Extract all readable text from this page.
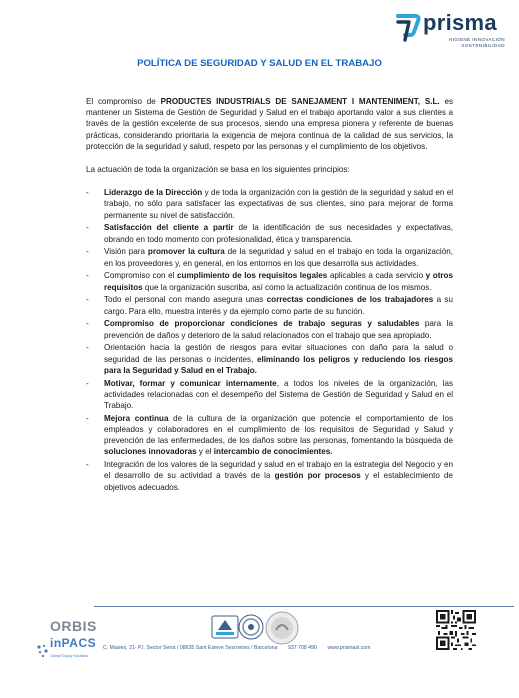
prisma
HIGIENE INNOVACIÓN
SOSTENIBILIDAD
POLÍTICA DE SEGURIDAD Y SALUD EN EL TRABAJO

El compromiso de PRODUCTES INDUSTRIALS DE SANEJAMENT I MANTENIMENT, S.L. es mantener un Sistema de Gestión de Seguridad y Salud en el trabajo aportando valor a sus clientes a través de la gestión excelente de sus procesos, siendo una empresa pionera y referente de buenas prácticas, considerando prioritaria la exigencia de mejora continua de la calidad de sus servicios, la protección de la seguridad y salud, respeto por las personas y el cumplimiento de los objetivos.

La actuación de toda la organización se basa en los siguientes principios:

- Liderazgo de la Dirección y de toda la organización con la gestión de la seguridad y salud en el trabajo, no sólo para satisfacer las expectativas de sus clientes, sino para mejorar de forma permanente su nivel de satisfacción.
- Satisfacción del cliente a partir de la identificación de sus necesidades y expectativas, obrando en todo momento con profesionalidad, ética y transparencia.
- Visión para promover la cultura de la seguridad y salud en el trabajo en toda la organización, en los proveedores y, en general, en los entornos en los que desarrolla sus actividades.
- Compromiso con el cumplimiento de los requisitos legales aplicables a cada servicio y otros requisitos que la organización suscriba, así como la actualización continua de los mismos.
- Todo el personal con mando asegura unas correctas condiciones de los trabajadores a su cargo. Para ello, muestra interés y da ejemplo como parte de su función.
- Compromiso de proporcionar condiciones de trabajo seguras y saludables para la prevención de daños y deterioro de la salud relacionados con el trabajo que sea apropiado.
- Orientación hacia la gestión de riesgos para evitar situaciones con daño para la salud o seguridad de las personas o incidentes, eliminando los peligros y reduciendo los riesgos para la Seguridad y Salud en el Trabajo.
- Motivar, formar y comunicar internamente, a todos los niveles de la organización, las actividades relacionadas con el desempeño del Sistema de Gestión de Seguridad y Salud en el Trabajo.
- Mejora continua de la cultura de la organización que potencie el comportamiento de los empleados y colaboradores en el cumplimiento de los requisitos de Seguridad y Salud y prevención de las enfermedades, de los daños sobre las personas, fomentando la búsqueda de soluciones innovadoras y el intercambio de conocimientes.
- Integración de los valores de la seguridad y salud en el trabajo en la estrategia del Negocio y en el desarrollo de su actividad a través de la gestión por procesos y el establecimiento de objetivos adecuados.
ORBIS
inPACS
Global Supply Solutions
C. Masies, 21- P.I. Sector Serra / 08635 Sant Esteve Sesrovires / Barcelona 937 708 490 www.prismasl.com
